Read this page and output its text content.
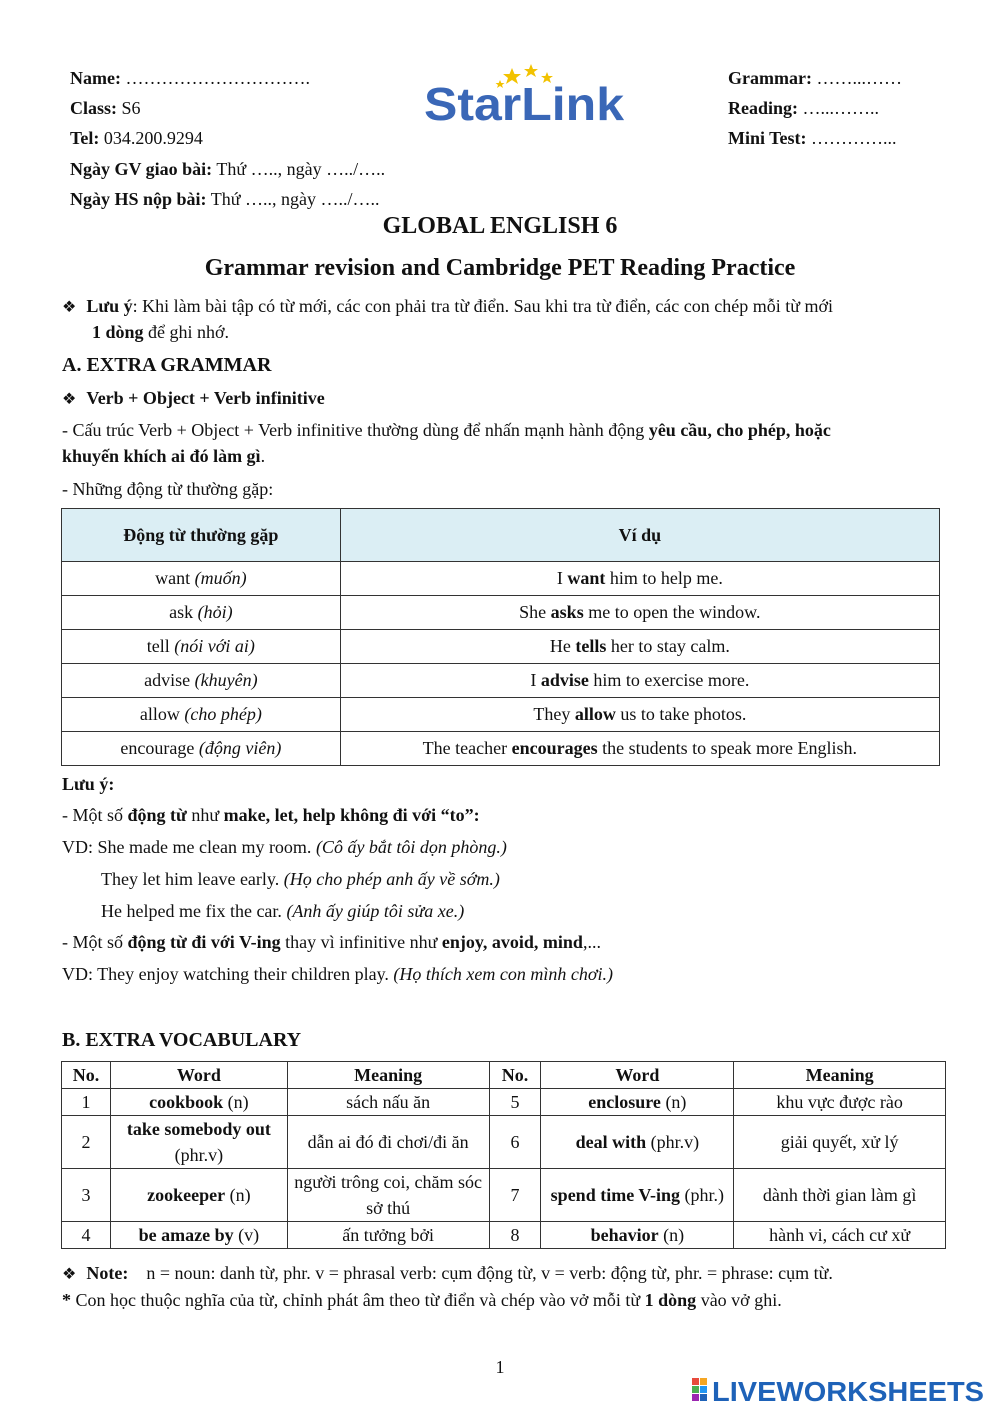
Name: ………………………….
Class: S6
Tel: 034.200.9294
Ngày GV giao bài: Thứ ….., ngày …../…..
Ngày HS nộp bài: Thứ ….., ngày …../…..
Grammar: ……...……
Reading: …...……..
Mini Test: …………...
StarLink
GLOBAL ENGLISH 6
Grammar revision and Cambridge PET Reading Practice
❖ Lưu ý: Khi làm bài tập có từ mới, các con phải tra từ điển. Sau khi tra từ điển, các con chép mỗi từ mới
1 dòng để ghi nhớ.
A. EXTRA GRAMMAR
❖ Verb + Object + Verb infinitive
- Cấu trúc Verb + Object + Verb infinitive thường dùng để nhấn mạnh hành động yêu cầu, cho phép, hoặc
khuyến khích ai đó làm gì.
- Những động từ thường gặp:
Động từ thường gặp	Ví dụ
want (muốn)	I want him to help me.
ask (hỏi)	She asks me to open the window.
tell (nói với ai)	He tells her to stay calm.
advise (khuyên)	I advise him to exercise more.
allow (cho phép)	They allow us to take photos.
encourage (động viên)	The teacher encourages the students to speak more English.
Lưu ý:
- Một số động từ như make, let, help không đi với “to”:
VD: She made me clean my room. (Cô ấy bắt tôi dọn phòng.)
They let him leave early. (Họ cho phép anh ấy về sớm.)
He helped me fix the car. (Anh ấy giúp tôi sửa xe.)
- Một số động từ đi với V-ing thay vì infinitive như enjoy, avoid, mind,...
VD: They enjoy watching their children play. (Họ thích xem con mình chơi.)
B. EXTRA VOCABULARY
No.	Word	Meaning	No.	Word	Meaning
1	cookbook (n)	sách nấu ăn	5	enclosure (n)	khu vực được rào
2	take somebody out (phr.v)	dẫn ai đó đi chơi/đi ăn	6	deal with (phr.v)	giải quyết, xử lý
3	zookeeper (n)	người trông coi, chăm sóc sở thú	7	spend time V-ing (phr.)	dành thời gian làm gì
4	be amaze by (v)	ấn tưởng bởi	8	behavior (n)	hành vi, cách cư xử
❖ Note: n = noun: danh từ, phr. v = phrasal verb: cụm động từ, v = verb: động từ, phr. = phrase: cụm từ.
* Con học thuộc nghĩa của từ, chỉnh phát âm theo từ điển và chép vào vở mỗi từ 1 dòng vào vở ghi.
1
LIVEWORKSHEETS
